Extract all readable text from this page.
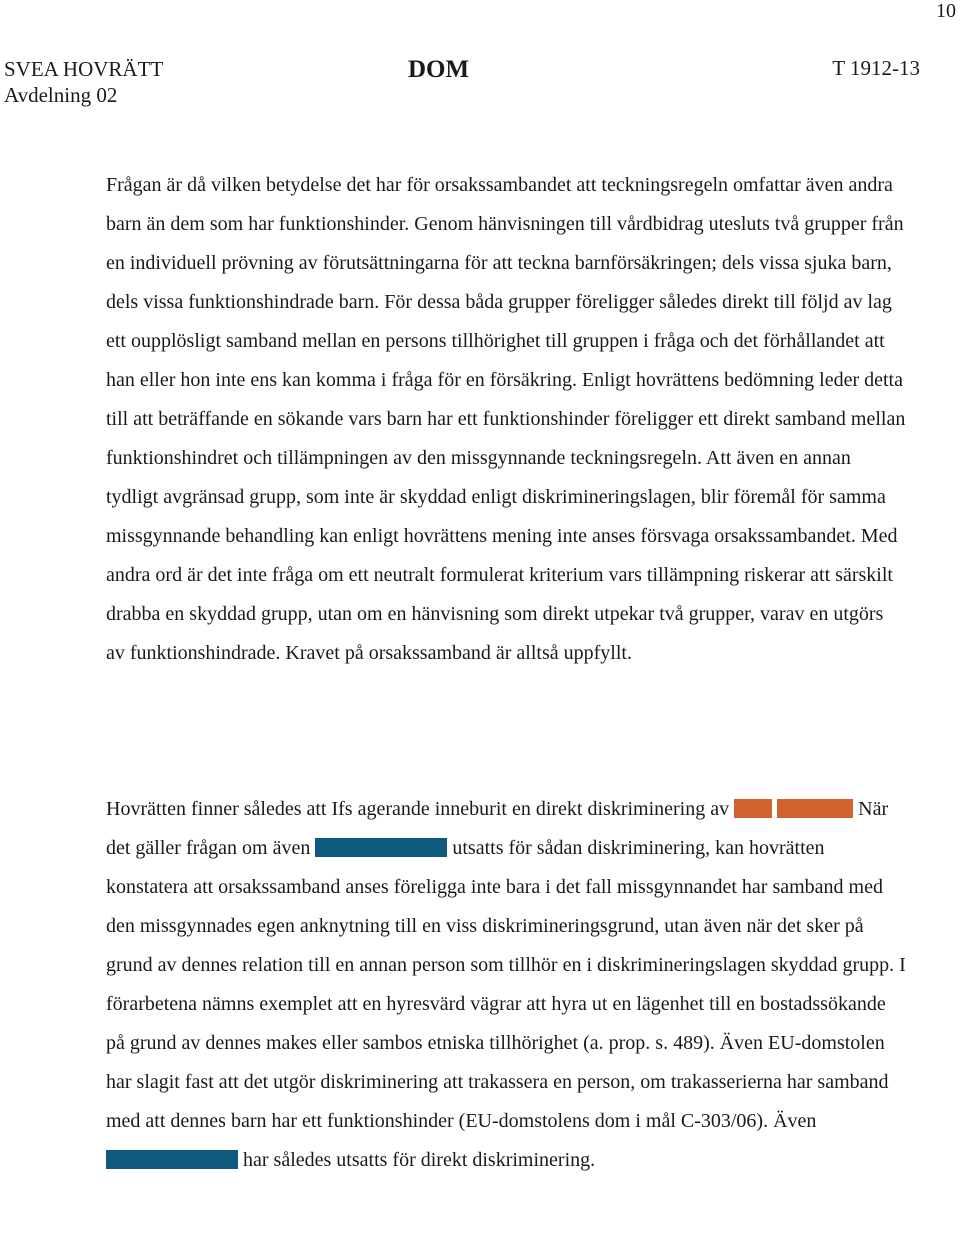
10
SVEA HOVRÄTT
Avdelning 02
DOM	T 1912-13

Frågan är då vilken betydelse det har för orsakssambandet att teckningsregeln omfattar även andra barn än dem som har funktionshinder. Genom hänvisningen till vårdbidrag utesluts två grupper från en individuell prövning av förutsättningarna för att teckna barnförsäkringen; dels vissa sjuka barn, dels vissa funktionshindrade barn. För dessa båda grupper föreligger således direkt till följd av lag ett oupplösligt samband mellan en persons tillhörighet till gruppen i fråga och det förhållandet att han eller hon inte ens kan komma i fråga för en försäkring. Enligt hovrättens bedömning leder detta till att beträffande en sökande vars barn har ett funktionshinder föreligger ett direkt samband mellan funktionshindret och tillämpningen av den missgynnande teckningsregeln. Att även en annan tydligt avgränsad grupp, som inte är skyddad enligt diskrimineringslagen, blir föremål för samma missgynnande behandling kan enligt hovrättens mening inte anses försvaga orsakssambandet. Med andra ord är det inte fråga om ett neutralt formulerat kriterium vars tillämpning riskerar att särskilt drabba en skyddad grupp, utan om en hänvisning som direkt utpekar två grupper, varav en utgörs av funktionshindrade. Kravet på orsakssamband är alltså uppfyllt.

Hovrätten finner således att Ifs agerande inneburit en direkt diskriminering av	När det gäller frågan om även	utsatts för sådan diskriminering, kan hovrätten konstatera att orsakssamband anses föreligga inte bara i det fall missgynnandet har samband med den missgynnades egen anknytning till en viss diskrimineringsgrund, utan även när det sker på grund av dennes relation till en annan person som tillhör en i diskrimineringslagen skyddad grupp. I förarbetena nämns exemplet att en hyresvärd vägrar att hyra ut en lägenhet till en bostadssökande på grund av dennes makes eller sambos etniska tillhörighet (a. prop. s. 489). Även EU-domstolen har slagit fast att det utgör diskriminering att trakassera en person, om trakasserierna har samband med att dennes barn har ett funktionshinder (EU-domstolens dom i mål C-303/06). Även  har således utsatts för direkt diskriminering.
